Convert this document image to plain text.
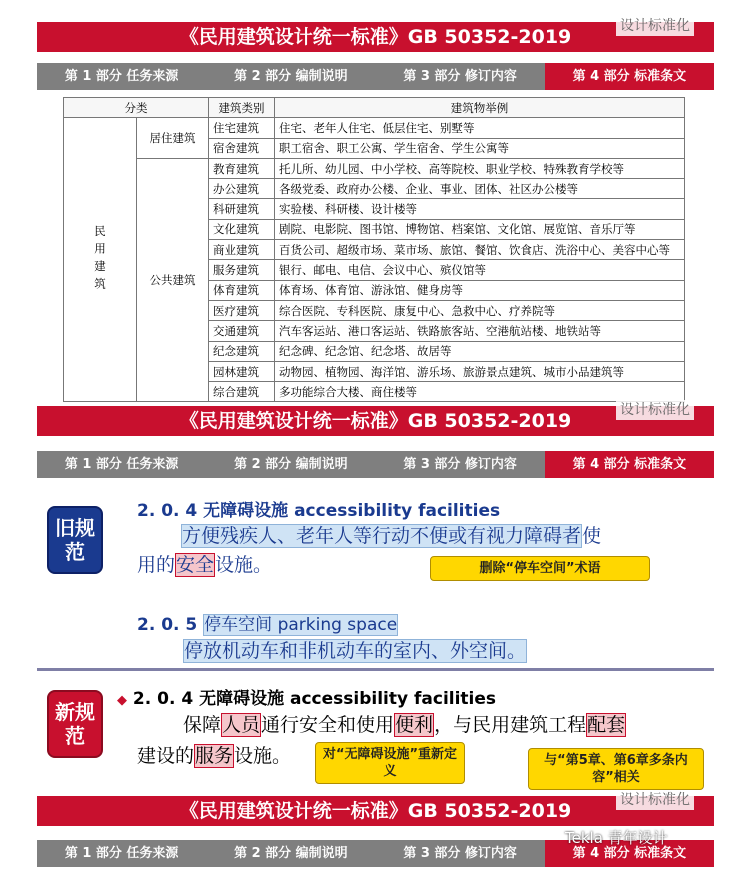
《民用建筑设计统一标准》GB 50352-2019	设计标准化
第 1 部分 任务来源	第 2 部分 编制说明	第 3 部分 修订内容	第 4 部分 标准条文
分类		建筑类别	建筑物举例
民用建筑	居住建筑	住宅建筑	住宅、老年人住宅、低层住宅、别墅等
		宿舍建筑	职工宿舍、职工公寓、学生宿舍、学生公寓等
	公共建筑	教育建筑	托儿所、幼儿园、中小学校、高等院校、职业学校、特殊教育学校等
		办公建筑	各级党委、政府办公楼、企业、事业、团体、社区办公楼等
		科研建筑	实验楼、科研楼、设计楼等
		文化建筑	剧院、电影院、图书馆、博物馆、档案馆、文化馆、展览馆、音乐厅等
		商业建筑	百货公司、超级市场、菜市场、旅馆、餐馆、饮食店、洗浴中心、美容中心等
		服务建筑	银行、邮电、电信、会议中心、殡仪馆等
		体育建筑	体育场、体育馆、游泳馆、健身房等
		医疗建筑	综合医院、专科医院、康复中心、急救中心、疗养院等
		交通建筑	汽车客运站、港口客运站、铁路旅客站、空港航站楼、地铁站等
		纪念建筑	纪念碑、纪念馆、纪念塔、故居等
		园林建筑	动物园、植物园、海洋馆、游乐场、旅游景点建筑、城市小品建筑等
		综合建筑	多功能综合大楼、商住楼等
《民用建筑设计统一标准》GB 50352-2019	设计标准化
第 1 部分 任务来源	第 2 部分 编制说明	第 3 部分 修订内容	第 4 部分 标准条文
旧规范
2. 0. 4 无障碍设施 accessibility facilities
方便残疾人、老年人等行动不便或有视力障碍者使
用的安全设施。	删除“停车空间”术语
2. 0. 5 停车空间 parking space
停放机动车和非机动车的室内、外空间。
新规范
◆ 2. 0. 4 无障碍设施 accessibility facilities
保障人员通行安全和使用便利，与民用建筑工程配套
建设的服务设施。	对“无障碍设施”重新定义
与“第5章、第6章多条内容”相关
《民用建筑设计统一标准》GB 50352-2019	设计标准化
第 1 部分 任务来源	第 2 部分 编制说明	第 3 部分 修订内容	第 4 部分 标准条文
Tekla 青年设计
